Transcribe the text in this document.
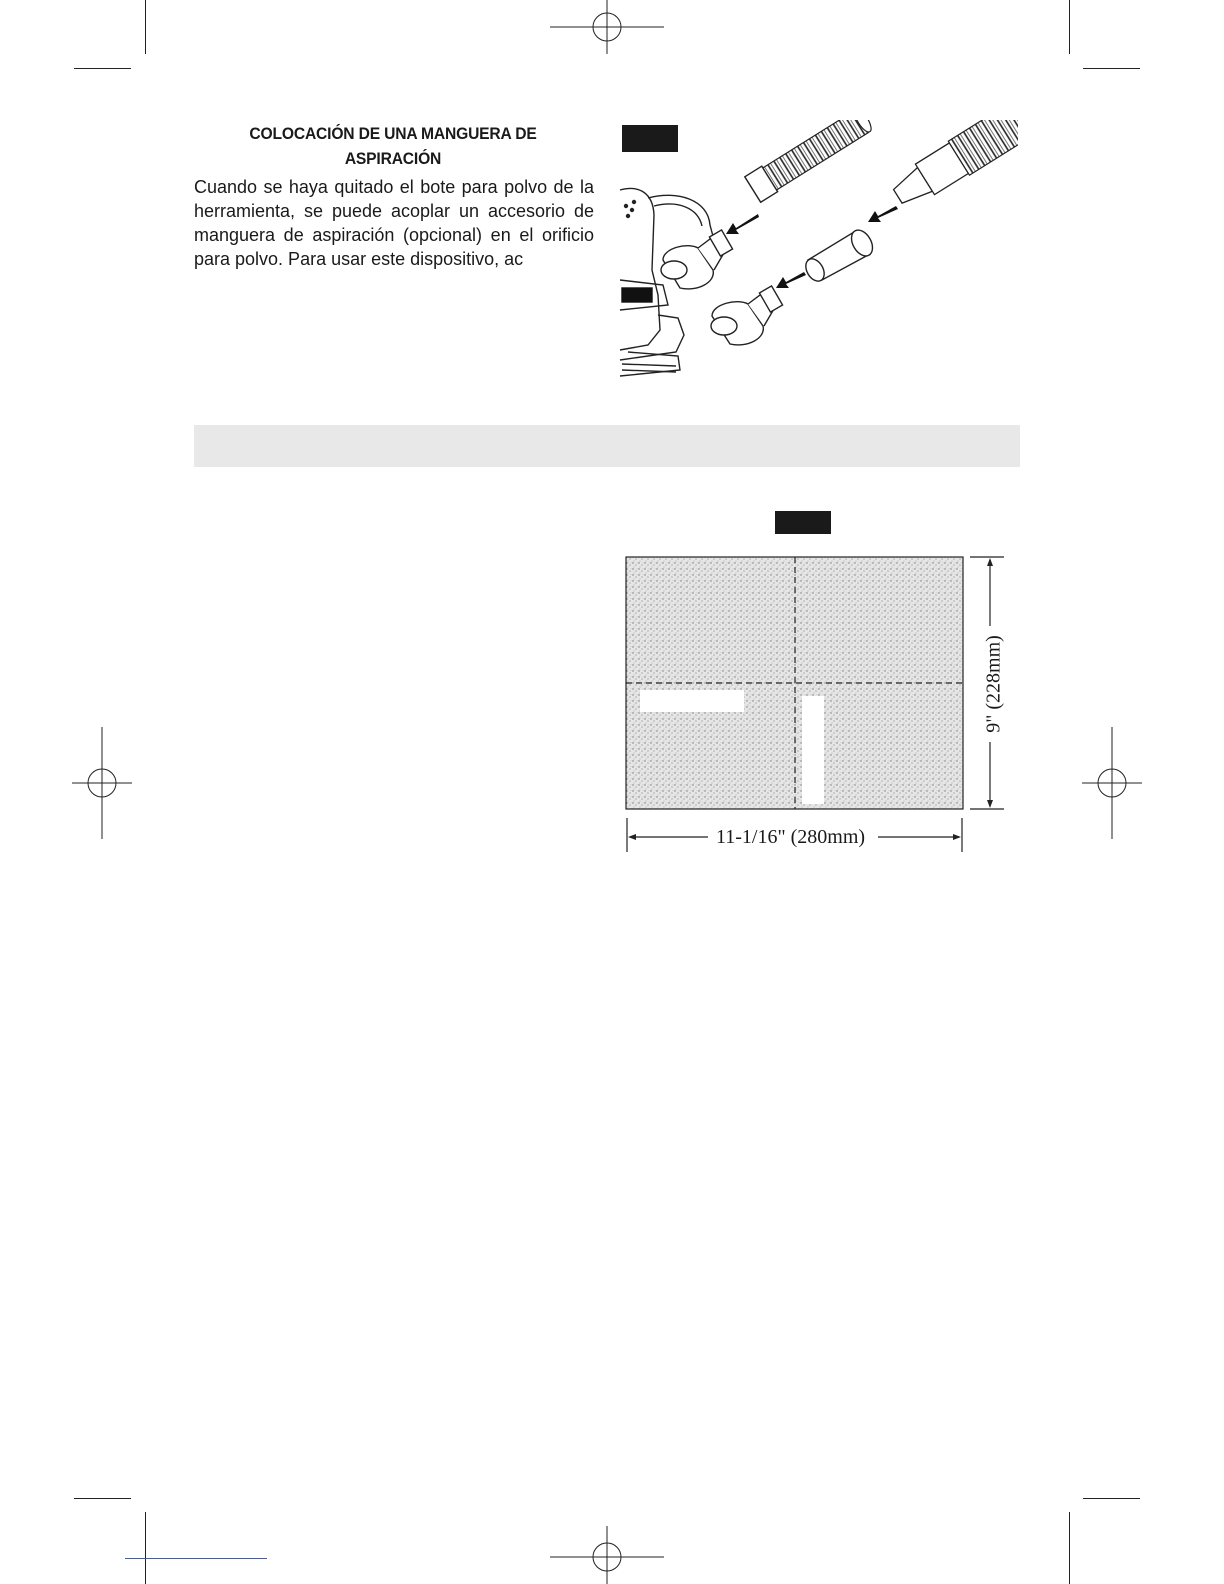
COLOCACIÓN DE UNA MANGUERA DE
ASPIRACIÓN
Cuando se haya quitado el bote para polvo de la
herramienta, se puede acoplar un accesorio de
manguera de aspiración (opcional) en el orificio
para polvo. Para usar este dispositivo, ac
11-1/16" (280mm)
9" (228mm)
